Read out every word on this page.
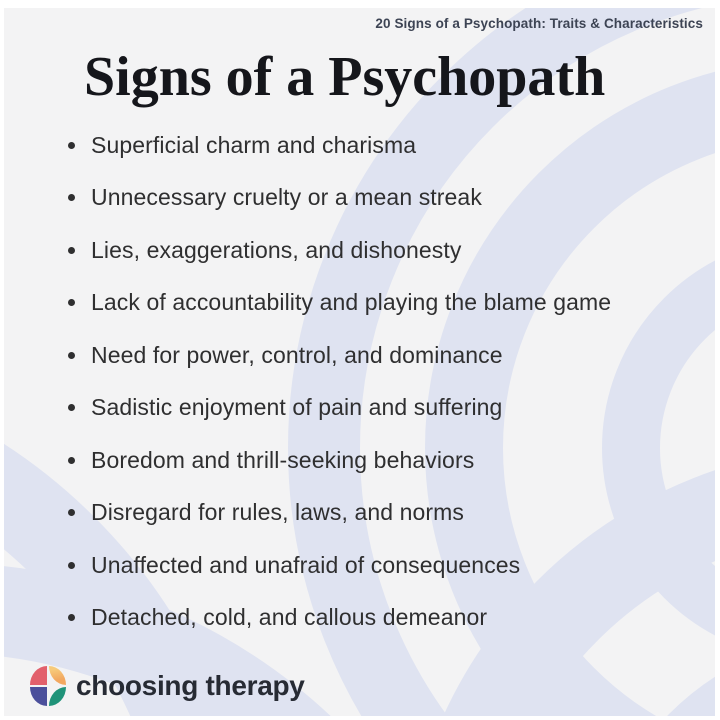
20 Signs of a Psychopath: Traits & Characteristics
Signs of a Psychopath
Superficial charm and charisma
Unnecessary cruelty or a mean streak
Lies, exaggerations, and dishonesty
Lack of accountability and playing the blame game
Need for power, control, and dominance
Sadistic enjoyment of pain and suffering
Boredom and thrill-seeking behaviors
Disregard for rules, laws, and norms
Unaffected and unafraid of consequences
Detached, cold, and callous demeanor
choosing therapy
